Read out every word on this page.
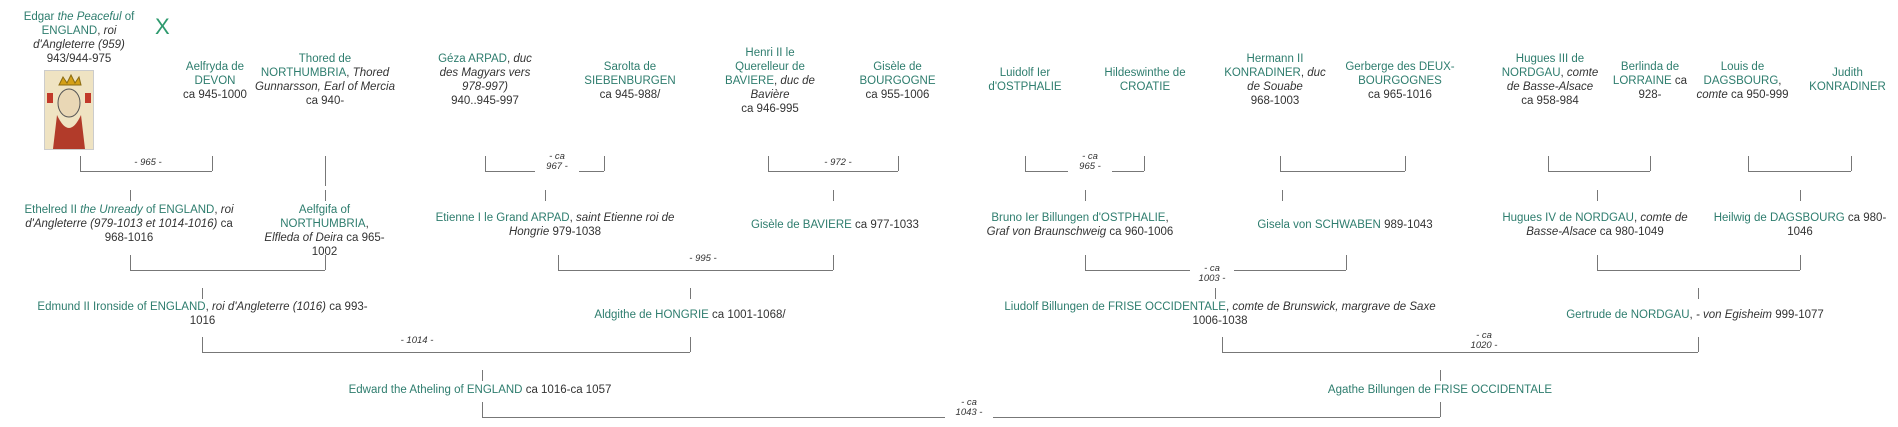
X
Edgar the Peaceful of ENGLAND, roi d'Angleterre (959)
943/944-975
Aelfryda de DEVON
ca 945-1000
Thored de NORTHUMBRIA, Thored Gunnarsson, Earl of Mercia ca 940-
Géza ARPAD, duc des Magyars vers 978-997)
940..945-997
Sarolta de SIEBENBURGEN
ca 945-988/
Henri II le Querelleur de BAVIERE, duc de Bavière
ca 946-995
Gisèle de BOURGOGNE
ca 955-1006
Luidolf Ier d'OSTPHALIE
Hildeswinthe de CROATIE
Hermann II KONRADINER, duc de Souabe
968-1003
Gerberge des DEUX-BOURGOGNES
ca 965-1016
Hugues III de NORDGAU, comte de Basse-Alsace
ca 958-984
Berlinda de LORRAINE ca 928-
Louis de DAGSBOURG, comte ca 950-999
Judith KONRADINER
- 965 -
- ca
967 -	- 972 -
- ca
965 -
Ethelred II the Unready of ENGLAND, roi d'Angleterre (979-1013 et 1014-1016) ca 968-1016
Aelfgifa of NORTHUMBRIA, Elfleda of Deira ca 965-1002
Etienne I le Grand ARPAD, saint Etienne roi de Hongrie 979-1038
Gisèle de BAVIERE ca 977-1033
Bruno Ier Billungen d'OSTPHALIE, Graf von Braunschweig ca 960-1006
Gisela von SCHWABEN 989-1043
Hugues IV de NORDGAU, comte de Basse-Alsace ca 980-1049
Heilwig de DAGSBOURG ca 980-1046
- 995 -
- ca
1003 -
Edmund II Ironside of ENGLAND, roi d'Angleterre (1016) ca 993-1016	Aldgithe de HONGRIE ca 1001-1068/
Liudolf Billungen de FRISE OCCIDENTALE, comte de Brunswick, margrave de Saxe
1006-1038	Gertrude de NORDGAU, - von Egisheim 999-1077
- 1014 -	- ca
1020 -
Edward the Atheling of ENGLAND ca 1016-ca 1057	Agathe Billungen de FRISE OCCIDENTALE
- ca
1043 -
